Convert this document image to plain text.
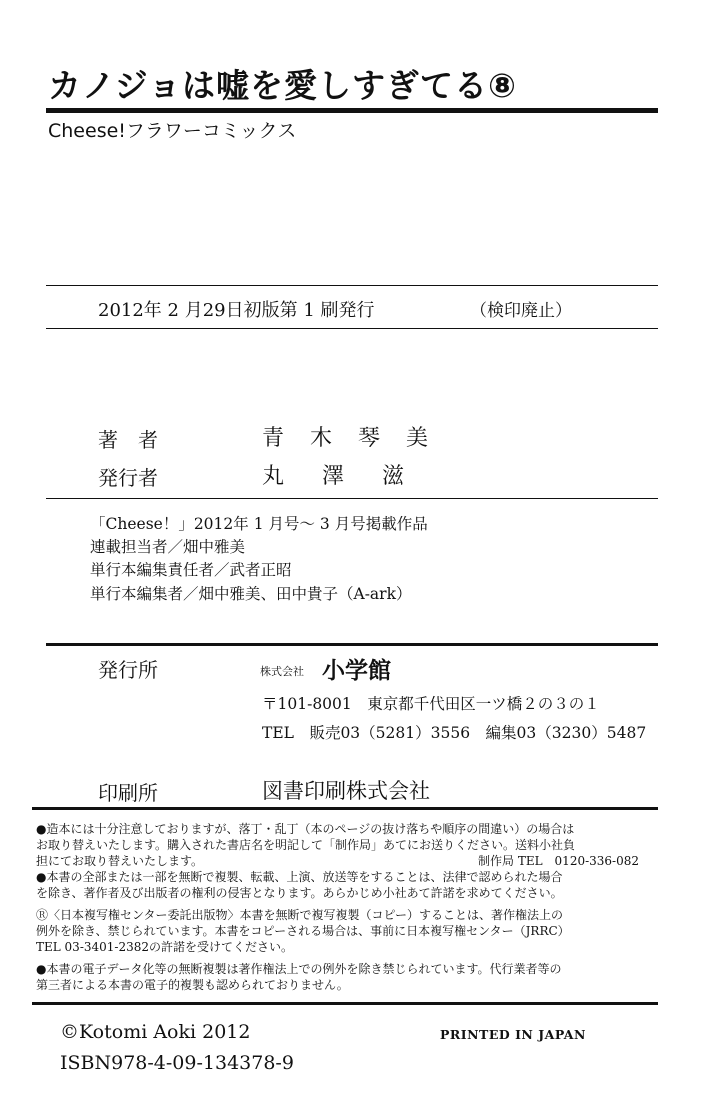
カノジョは嘘を愛しすぎてる⑧
Cheese!フラワーコミックス
2012年 2 月29日初版第 1 刷発行	（検印廃止）
著　者	青木琴美
発行者	丸澤滋
「Cheese！」2012年 1 月号～ 3 月号掲載作品
連載担当者／畑中雅美
単行本編集責任者／武者正昭
単行本編集者／畑中雅美、田中貴子（A-ark）
発行所	株式会社 小学館
〒101-8001　東京都千代田区一ツ橋２の３の１
TEL　販売03（5281）3556　編集03（3230）5487
印刷所	図書印刷株式会社
●造本には十分注意しておりますが、落丁・乱丁（本のページの抜け落ちや順序の間違い）の場合は
お取り替えいたします。購入された書店名を明記して「制作局」あてにお送りください。送料小社負
担にてお取り替えいたします。	制作局 TEL　0120-336-082
●本書の全部または一部を無断で複製、転載、上演、放送等をすることは、法律で認められた場合
を除き、著作者及び出版者の権利の侵害となります。あらかじめ小社あて許諾を求めてください。
Ⓡ〈日本複写権センター委託出版物〉本書を無断で複写複製（コピー）することは、著作権法上の
例外を除き、禁じられています。本書をコピーされる場合は、事前に日本複写権センター（JRRC）
TEL 03-3401-2382の許諾を受けてください。
●本書の電子データ化等の無断複製は著作権法上での例外を除き禁じられています。代行業者等の
第三者による本書の電子的複製も認められておりません。
©Kotomi Aoki 2012	PRINTED IN JAPAN
ISBN978-4-09-134378-9
